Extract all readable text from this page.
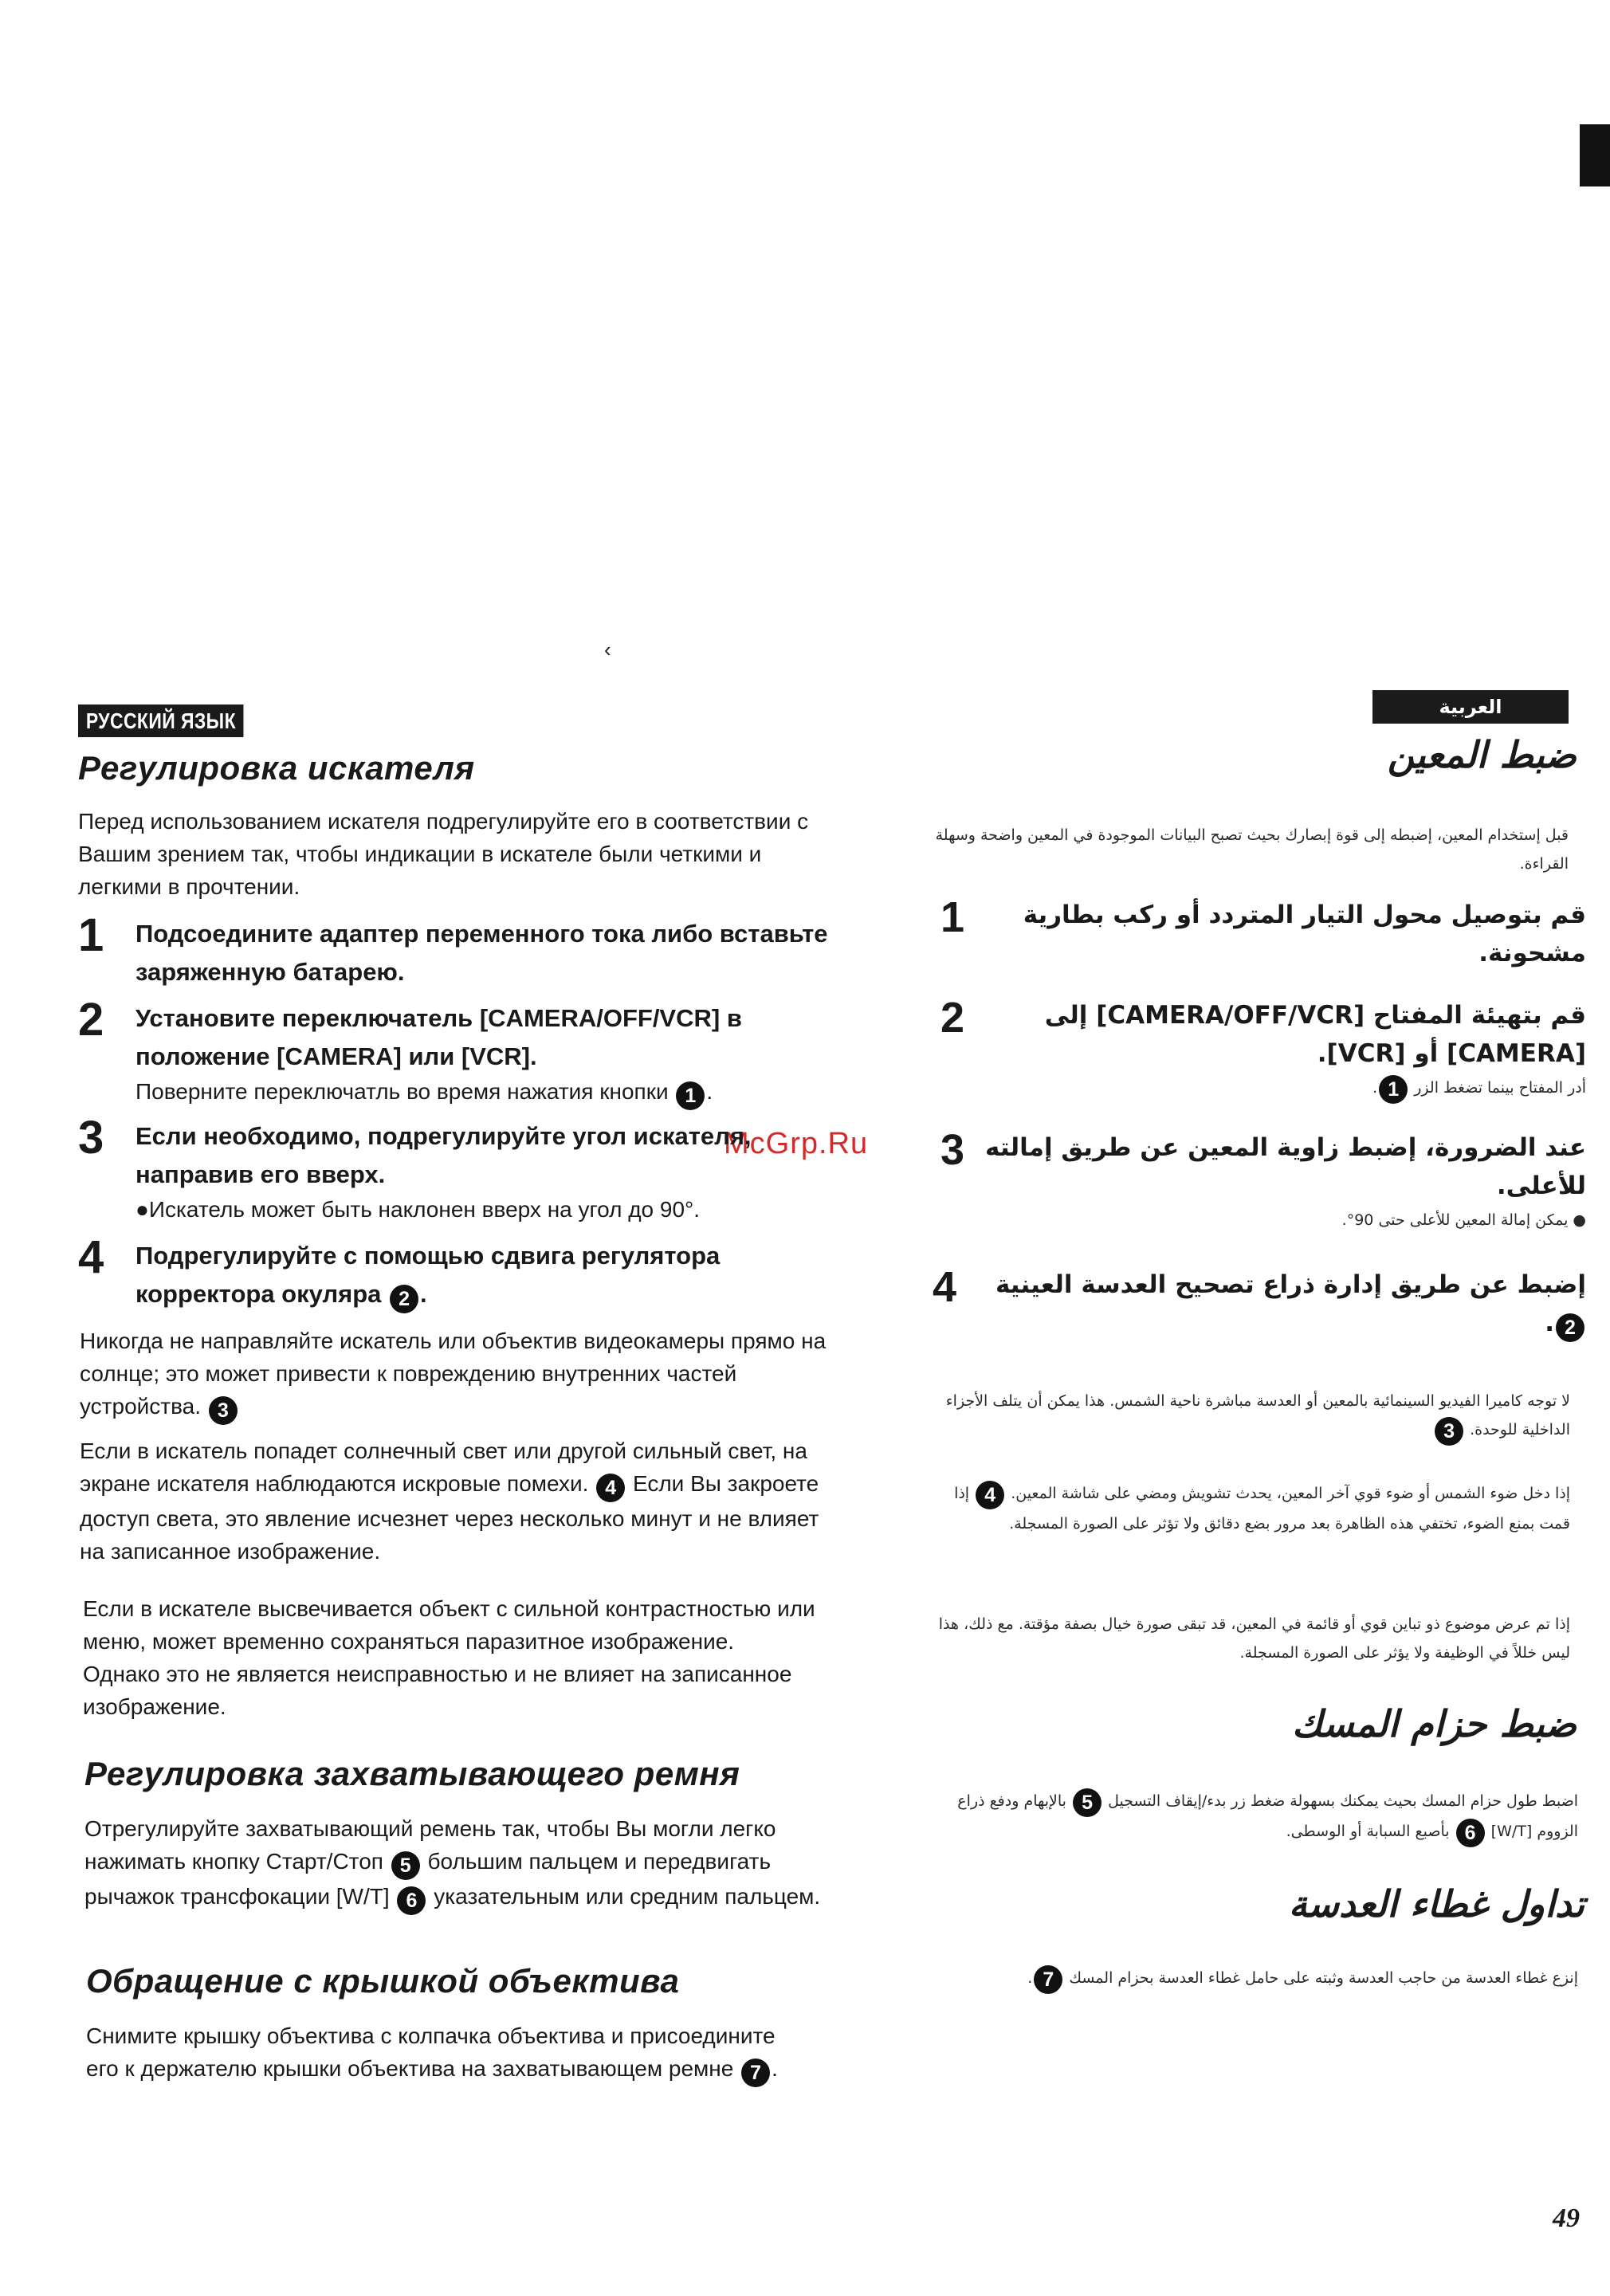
‹
McGrp.Ru
49
РУССКИЙ ЯЗЫК
Регулировка искателя
Перед использованием искателя подрегулируйте его в соответствии с Вашим зрением так, чтобы индикации в искателе были четкими и легкими в прочтении.
1	Подсоедините адаптер переменного тока либо вставьте заряженную батарею.
2	Установите переключатель [CAMERA/OFF/VCR] в положение [CAMERA] или [VCR].
Поверните переключатль во время нажатия кнопки 1 .
3	Если необходимо, подрегулируйте угол искателя, направив его вверх.
●Искатель может быть наклонен вверх на угол до 90°.
4	Подрегулируйте с помощью сдвига регулятора корректора окуляра 2 .
Никогда не направляйте искатель или объектив видеокамеры прямо на солнце; это может привести к повреждению внутренних частей устройства. 3
Если в искатель попадет солнечный свет или другой сильный свет, на экране искателя наблюдаются искровые помехи. 4 Если Вы закроете доступ света, это явление исчезнет через несколько минут и не влияет на записанное изображение.
Если в искателе высвечивается объект с сильной контрастностью или меню, может временно сохраняться паразитное изображение. Однако это не является неисправностью и не влияет на записанное изображение.
Регулировка захватывающего ремня
Отрегулируйте захватывающий ремень так, чтобы Вы могли легко нажимать кнопку Старт/Стоп 5 большим пальцем и передвигать рычажок трансфокации [W/T] 6 указательным или средним пальцем.
Обращение с крышкой объектива
Снимите крышку объектива с колпачка объектива и присоедините его к держателю крышки объектива на захватывающем ремне 7 .
العربية
ضبط المعين
قبل إستخدام المعين، إضبطه إلى قوة إبصارك بحيث تصبح البيانات الموجودة في المعين واضحة وسهلة القراءة.
1	قم بتوصيل محول التيار المتردد أو ركب بطارية مشحونة.
2	قم بتهيئة المفتاح [CAMERA/OFF/VCR] إلى [CAMERA] أو [VCR].
أدر المفتاح بينما تضغط الزر 1.
3 عند الضرورة، إضبط زاوية المعين عن طريق إمالته للأعلى.
● يمكن إمالة المعين للأعلى حتى 90°.
4	إضبط عن طريق إدارة ذراع تصحيح العدسة العينية 2.
لا توجه كاميرا الفيديو السينمائية بالمعين أو العدسة مباشرة ناحية الشمس. هذا يمكن أن يتلف الأجزاء الداخلية للوحدة. 3
إذا دخل ضوء الشمس أو ضوء قوي آخر المعين، يحدث تشويش ومضي على شاشة المعين. 4 إذا قمت بمنع الضوء، تختفي هذه الظاهرة بعد مرور بضع دقائق ولا تؤثر على الصورة المسجلة.
إذا تم عرض موضوع ذو تباين قوي أو قائمة في المعين، قد تبقى صورة خيال بصفة مؤقتة. مع ذلك، هذا ليس خللاً في الوظيفة ولا يؤثر على الصورة المسجلة.
ضبط حزام المسك
اضبط طول حزام المسك بحيث يمكنك بسهولة ضغط زر بدء/إيقاف التسجيل 5 بالإبهام ودفع ذراع الزووم [W/T] 6 بأصبع السبابة أو الوسطى.
تداول غطاء العدسة
إنزع غطاء العدسة من حاجب العدسة وثبته على حامل غطاء العدسة بحزام المسك 7.
